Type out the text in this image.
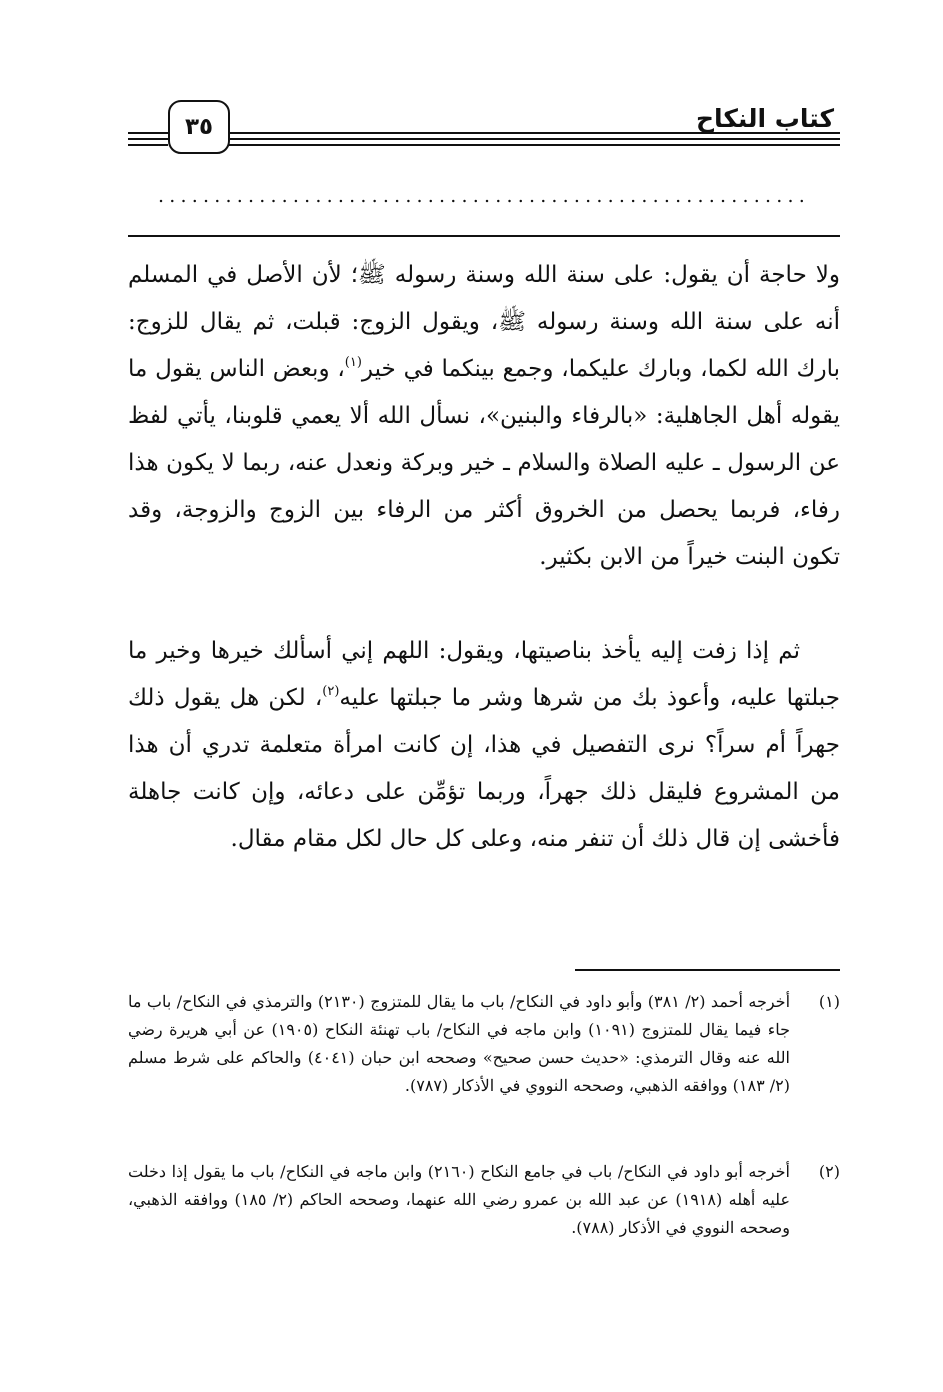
٣٥	كتاب النكاح
..........................................................
ولا حاجة أن يقول: على سنة الله وسنة رسوله ﷺ؛ لأن الأصل في المسلم أنه على سنة الله وسنة رسوله ﷺ، ويقول الزوج: قبلت، ثم يقال للزوج: بارك الله لكما، وبارك عليكما، وجمع بينكما في خير$^{(١)}$، وبعض الناس يقول ما يقوله أهل الجاهلية: «بالرفاء والبنين»، نسأل الله ألا يعمي قلوبنا، يأتي لفظ عن الرسول ـ عليه الصلاة والسلام ـ خير وبركة ونعدل عنه، ربما لا يكون هذا رفاء، فربما يحصل من الخروق أكثر من الرفاء بين الزوج والزوجة، وقد تكون البنت خيراً من الابن بكثير.
ثم إذا زفت إليه يأخذ بناصيتها، ويقول: اللهم إني أسألك خيرها وخير ما جبلتها عليه، وأعوذ بك من شرها وشر ما جبلتها عليه$^{(٢)}$، لكن هل يقول ذلك جهراً أم سراً؟ نرى التفصيل في هذا، إن كانت امرأة متعلمة تدري أن هذا من المشروع فليقل ذلك جهراً، وربما تؤمِّن على دعائه، وإن كانت جاهلة فأخشى إن قال ذلك أن تنفر منه، وعلى كل حال لكل مقام مقال.
(١)
أخرجه أحمد (٢/ ٣٨١) وأبو داود في النكاح/ باب ما يقال للمتزوج (٢١٣٠) والترمذي في النكاح/ باب ما جاء فيما يقال للمتزوج (١٠٩١) وابن ماجه في النكاح/ باب تهنئة النكاح (١٩٠٥) عن أبي هريرة رضي الله عنه وقال الترمذي: «حديث حسن صحيح» وصححه ابن حبان (٤٠٤١) والحاكم على شرط مسلم (٢/ ١٨٣) ووافقه الذهبي، وصححه النووي في الأذكار (٧٨٧).
(٢)
أخرجه أبو داود في النكاح/ باب في جامع النكاح (٢١٦٠) وابن ماجه في النكاح/ باب ما يقول إذا دخلت عليه أهله (١٩١٨) عن عبد الله بن عمرو رضي الله عنهما، وصححه الحاكم (٢/ ١٨٥) ووافقه الذهبي، وصححه النووي في الأذكار (٧٨٨).
